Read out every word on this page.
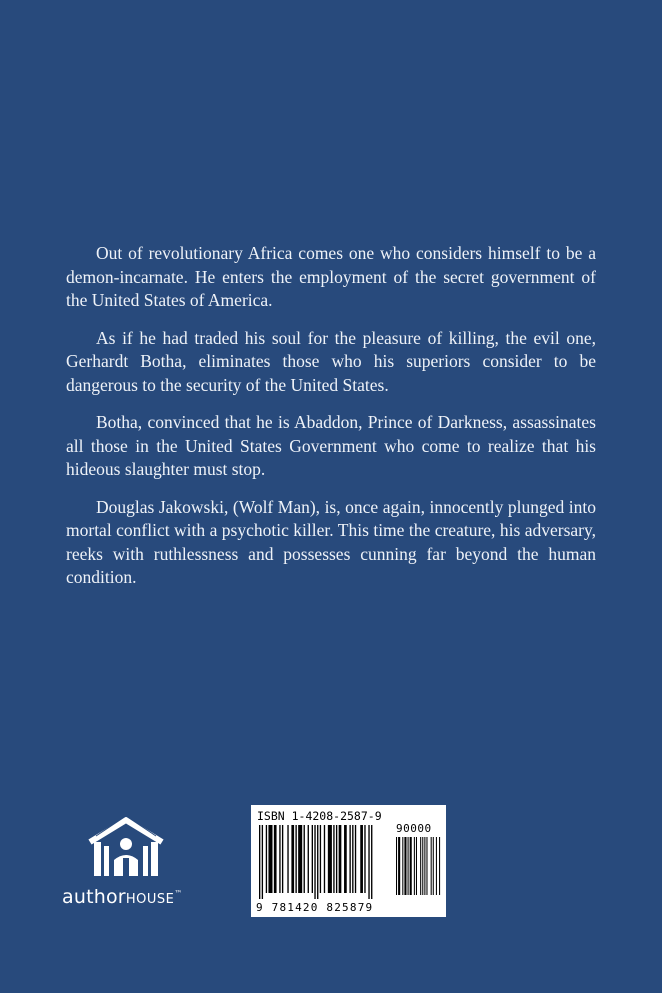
Out of revolutionary Africa comes one who considers himself to be a demon-incarnate. He enters the employment of the secret government of the United States of America.

As if he had traded his soul for the pleasure of killing, the evil one, Gerhardt Botha, eliminates those who his superiors consider to be dangerous to the security of the United States.

Botha, convinced that he is Abaddon, Prince of Darkness, assassinates all those in the United States Government who come to realize that his hideous slaughter must stop.

Douglas Jakowski, (Wolf Man), is, once again, innocently plunged into mortal conflict with a psychotic killer. This time the creature, his adversary, reeks with ruthlessness and possesses cunning far beyond the human condition.

authorHOUSE™
ISBN 1-4208-2587-9
90000
9 781420 825879
